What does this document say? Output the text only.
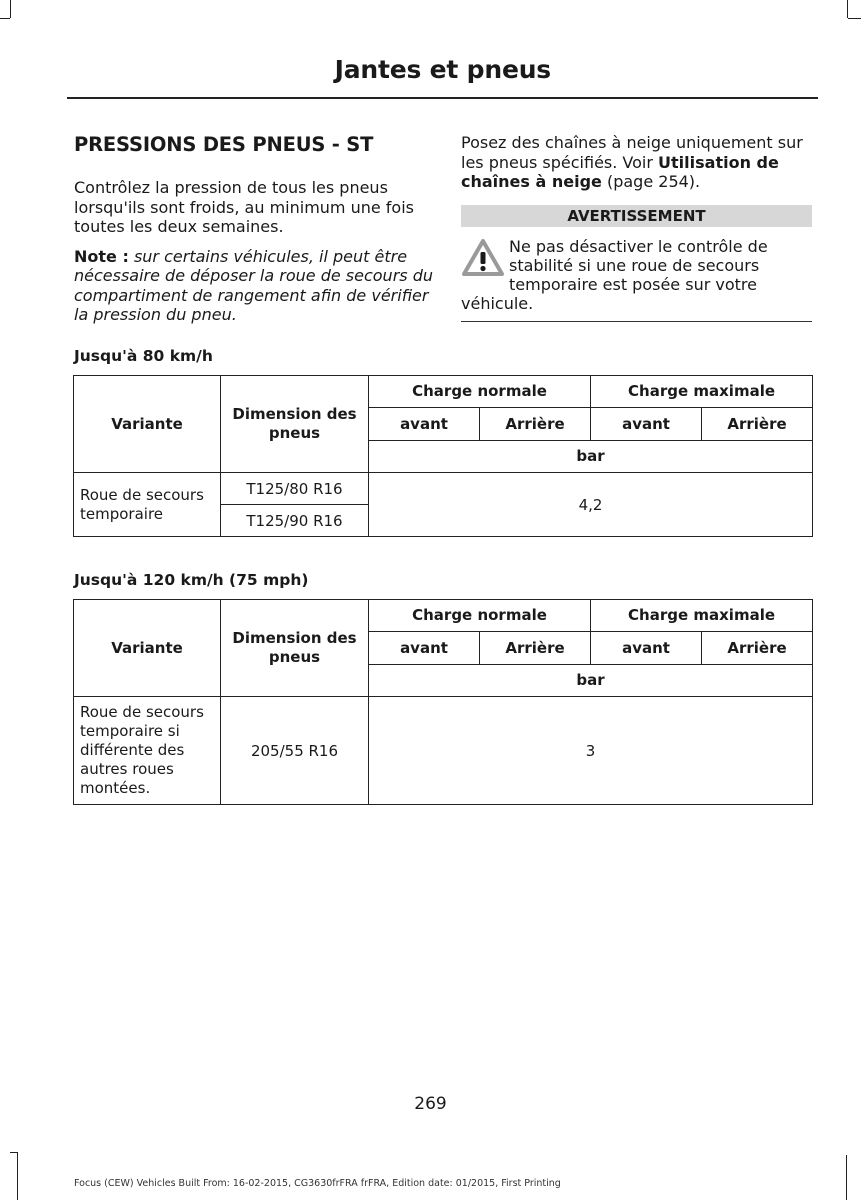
Jantes et pneus
PRESSIONS DES PNEUS - ST

Contrôlez la pression de tous les pneus lorsqu'ils sont froids, au minimum une fois toutes les deux semaines.

Note : sur certains véhicules, il peut être nécessaire de déposer la roue de secours du compartiment de rangement afin de vérifier la pression du pneu.

Posez des chaînes à neige uniquement sur les pneus spécifiés. Voir Utilisation de chaînes à neige (page 254).

AVERTISSEMENT
Ne pas désactiver le contrôle de
stabilité si une roue de secours
temporaire est posée sur votre
véhicule.
Jusqu'à 80 km/h
Variante	Dimension des pneus	Charge normale		Charge maximale	
		avant	Arrière	avant	Arrière
		bar			
Roue de secours temporaire	T125/80 R16	4,2			
	T125/90 R16				
Jusqu'à 120 km/h (75 mph)
Variante	Dimension des pneus	Charge normale		Charge maximale	
		avant	Arrière	avant	Arrière
		bar			
Roue de secours temporaire si différente des autres roues montées.	205/55 R16	3			
269
Focus (CEW) Vehicles Built From: 16-02-2015, CG3630frFRA frFRA, Edition date: 01/2015, First Printing
